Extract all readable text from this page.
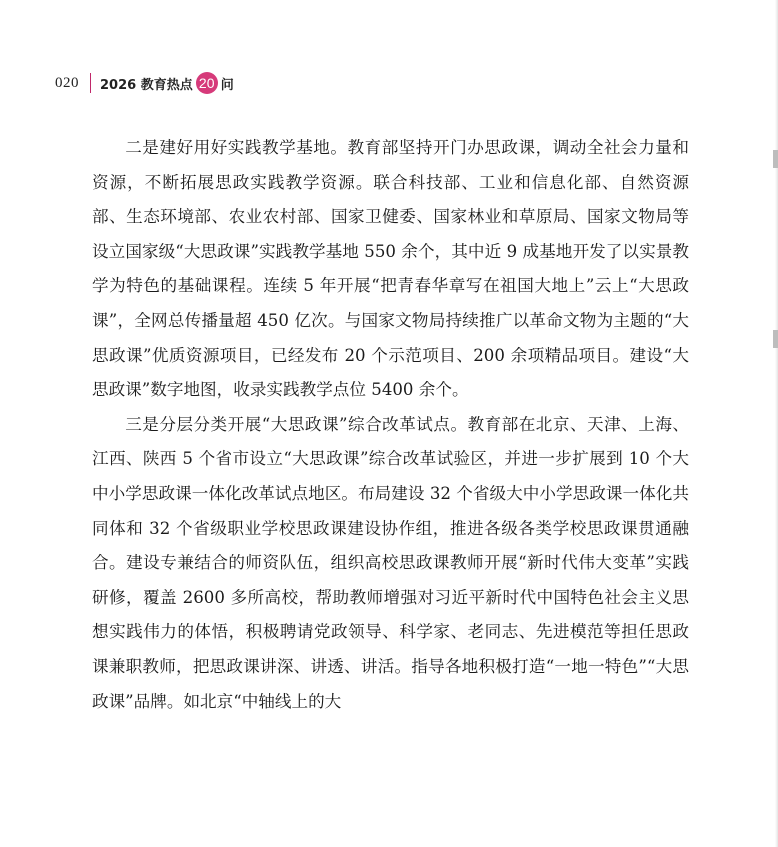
020 2026 教育热点 20 问

二是建好用好实践教学基地。教育部坚持开门办思政课，调动全社会力量和资源，不断拓展思政实践教学资源。联合科技部、工业和信息化部、自然资源部、生态环境部、农业农村部、国家卫健委、国家林业和草原局、国家文物局等设立国家级“大思政课”实践教学基地 550 余个，其中近 9 成基地开发了以实景教学为特色的基础课程。连续 5 年开展“把青春华章写在祖国大地上”云上“大思政课”，全网总传播量超 450 亿次。与国家文物局持续推广以革命文物为主题的“大思政课”优质资源项目，已经发布 20 个示范项目、200 余项精品项目。建设“大思政课”数字地图，收录实践教学点位 5400 余个。

三是分层分类开展“大思政课”综合改革试点。教育部在北京、天津、上海、江西、陕西 5 个省市设立“大思政课”综合改革试验区，并进一步扩展到 10 个大中小学思政课一体化改革试点地区。布局建设 32 个省级大中小学思政课一体化共同体和 32 个省级职业学校思政课建设协作组，推进各级各类学校思政课贯通融合。建设专兼结合的师资队伍，组织高校思政课教师开展“新时代伟大变革”实践研修，覆盖 2600 多所高校，帮助教师增强对习近平新时代中国特色社会主义思想实践伟力的体悟，积极聘请党政领导、科学家、老同志、先进模范等担任思政课兼职教师，把思政课讲深、讲透、讲活。指导各地积极打造“一地一特色”“大思政课”品牌。如北京“中轴线上的大
